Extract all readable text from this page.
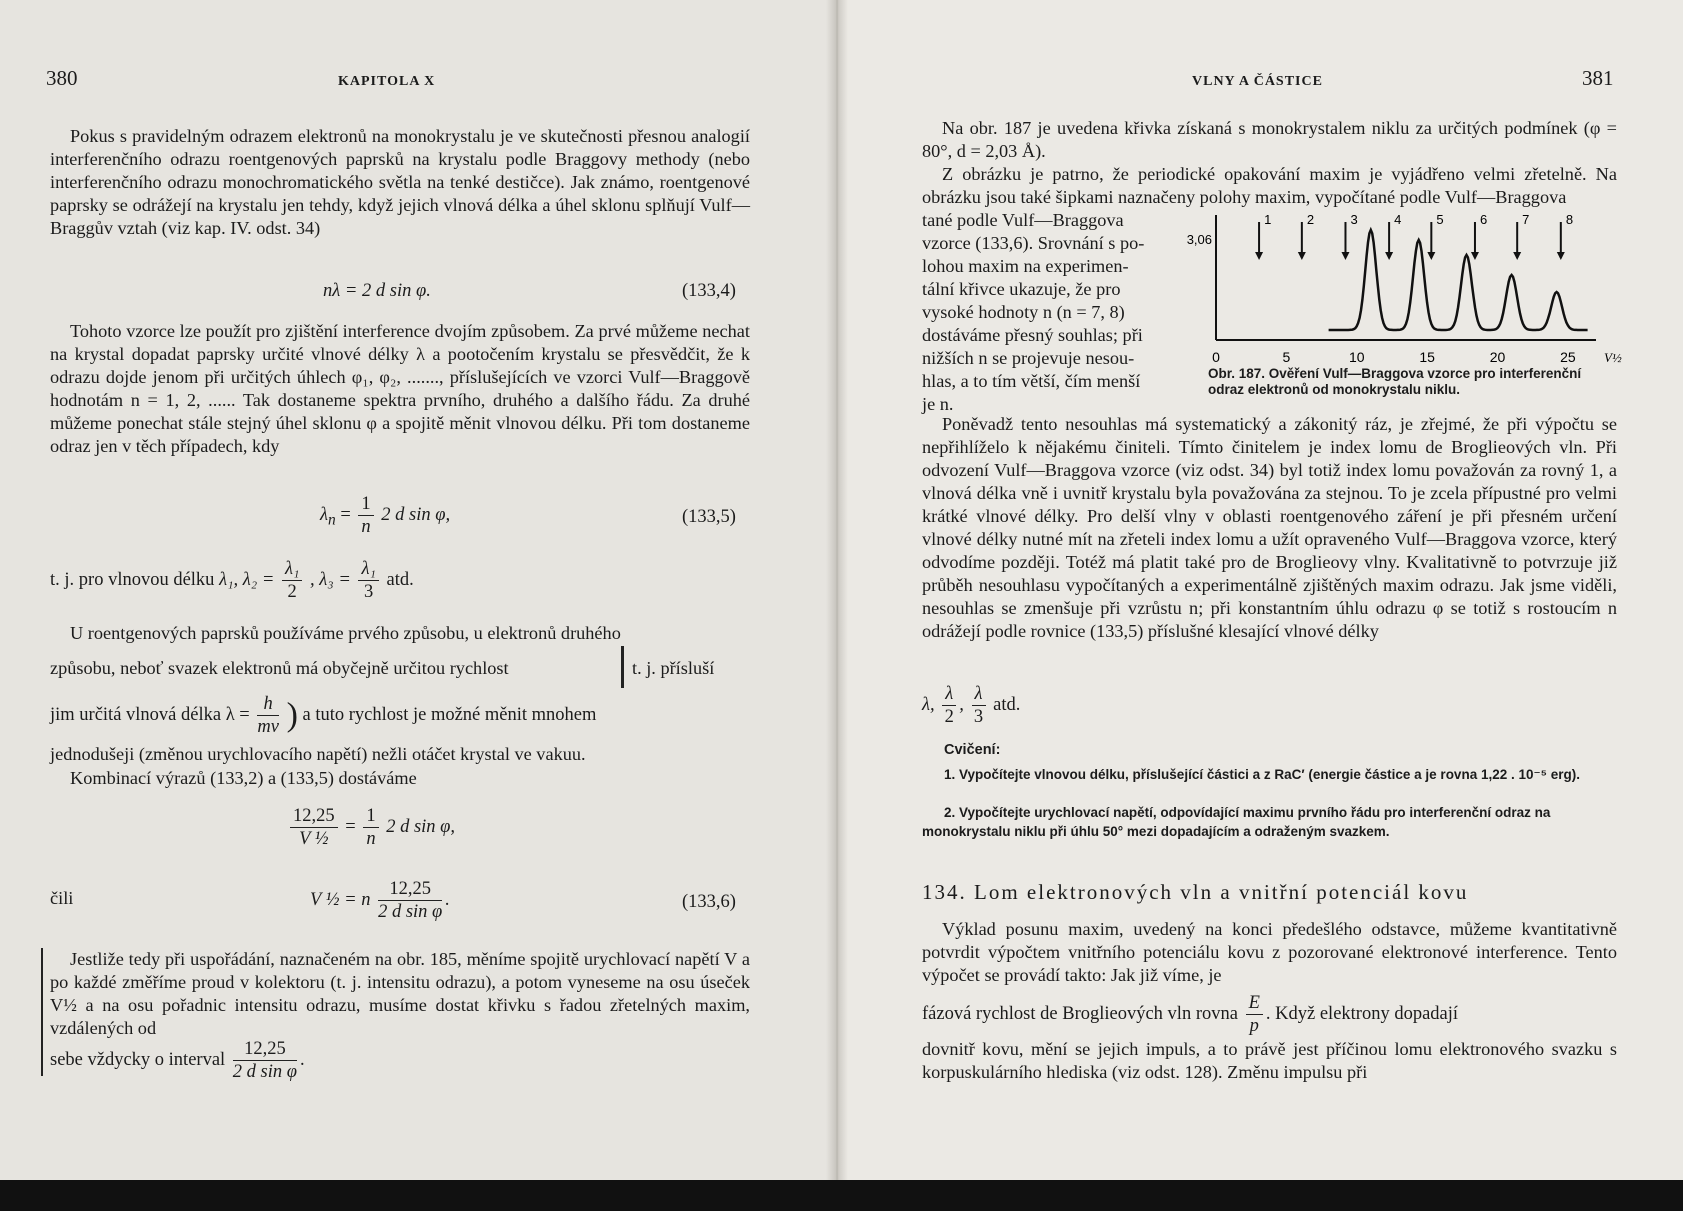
380	KAPITOLA X
Pokus s pravidelným odrazem elektronů na monokrystalu je ve skutečnosti přesnou analogií interferenčního odrazu roentgenových paprsků na krystalu podle Braggovy methody (nebo interferenčního odrazu monochromatického světla na tenké destičce). Jak známo, roentgenové paprsky se odrážejí na krystalu jen tehdy, když jejich vlnová délka a úhel sklonu splňují Vulf—Braggův vztah (viz kap. IV. odst. 34)
nλ = 2 d sin φ.	(133,4)
Tohoto vzorce lze použít pro zjištění interference dvojím způsobem. Za prvé můžeme nechat na krystal dopadat paprsky určité vlnové délky λ a pootočením krystalu se přesvědčit, že k odrazu dojde jenom při určitých úhlech φ₁, φ₂, ......., příslušejících ve vzorci Vulf—Braggově hodnotám n = 1, 2, ...... Tak dostaneme spektra prvního, druhého a dalšího řádu. Za druhé můžeme ponechat stále stejný úhel sklonu φ a spojitě měnit vlnovou délku. Při tom dostaneme odraz jen v těch případech, kdy
$\lambda_n = \frac{1}{n} 2$ d sin φ,	(133,5)
t. j. pro vlnovou délku λ₁, $\lambda_2 = \frac{\text{λ₁}}{2}$ , $\lambda_3 = \frac{\text{λ₁}}{3}$ atd.
U roentgenových paprsků používáme prvého způsobu, u elektronů druhého
způsobu, neboť svazek elektronů má obyčejně určitou rychlost	t. j. přísluší
jim určitá vlnová délka $\lambda = \frac{h}{mv}$ ) a tuto rychlost je možné měnit mnohem
jednodušeji (změnou urychlovacího napětí) nežli otáčet krystal ve vakuu.
Kombinací výrazů (133,2) a (133,5) dostáváme
$\frac{12,25}{\text{V ½}} = \frac{1}{n} 2$ d sin φ,
čili	V ½ = n $\frac{12,25}{\text{2 d sin φ}}$ .	(133,6)
Jestliže tedy při uspořádání, naznačeném na obr. 185, měníme spojitě urychlovací napětí V a po každé změříme proud v kolektoru (t. j. intensitu odrazu), a potom vyneseme na osu úseček V½ a na osu pořadnic intensitu odrazu, musíme dostat křivku s řadou zřetelných maxim, vzdálených od
sebe vždycky o interval $\frac{12,25}{\text{2 d sin φ}}$ .
VLNY A ČÁSTICE	381
Na obr. 187 je uvedena křivka získaná s monokrystalem niklu za určitých podmínek (φ = 80°, d = 2,03 Å).
Z obrázku je patrno, že periodické opakování maxim je vyjádřeno velmi zřetelně. Na obrázku jsou také šipkami naznačeny polohy maxim, vypočítané podle Vulf—Braggova
tané podle Vulf—Braggova
vzorce (133,6). Srovnání s po-
lohou maxim na experimen-
tální křivce ukazuje, že pro
vysoké hodnoty n (n = 7, 8)
dostáváme přesný souhlas; při
nižších n se projevuje nesou-
hlas, a to tím větší, čím menší
je n.
3,06
0	5	10	15	20	25 V½
1	2	3	4	5	6	7	8
Obr. 187. Ověření Vulf—Braggova vzorce pro interferenční odraz elektronů od monokrystalu niklu.
Poněvadž tento nesouhlas má systematický a zákonitý ráz, je zřejmé, že při výpočtu se nepřihlíželo k nějakému činiteli. Tímto činitelem je index lomu de Broglieových vln. Při odvození Vulf—Braggova vzorce (viz odst. 34) byl totiž index lomu považován za rovný 1, a vlnová délka vně i uvnitř krystalu byla považována za stejnou. To je zcela přípustné pro velmi krátké vlnové délky. Pro delší vlny v oblasti roentgenového záření je při přesném určení vlnové délky nutné mít na zřeteli index lomu a užít opraveného Vulf—Braggova vzorce, který odvodíme později. Totéž má platit také pro de Broglieovy vlny. Kvalitativně to potvrzuje již průběh nesouhlasu vypočítaných a experimentálně zjištěných maxim odrazu. Jak jsme viděli, nesouhlas se zmenšuje při vzrůstu n; při konstantním úhlu odrazu φ se totiž s rostoucím n odrážejí podle rovnice (133,5) příslušné klesající vlnové délky
λ, $\frac{\lambda}{2}$ , $\frac{\lambda}{3}$ atd.
Cvičení:
1. Vypočítejte vlnovou délku, příslušející částici a z RaC′ (energie částice a je rovna 1,22 . 10⁻⁵ erg).
2. Vypočítejte urychlovací napětí, odpovídající maximu prvního řádu pro interferenční odraz na monokrystalu niklu při úhlu 50° mezi dopadajícím a odraženým svazkem.
134. Lom elektronových vln a vnitřní potenciál kovu
Výklad posunu maxim, uvedený na konci předešlého odstavce, můžeme kvantitativně potvrdit výpočtem vnitřního potenciálu kovu z pozorované elektronové interference. Tento výpočet se provádí takto: Jak již víme, je
fázová rychlost de Broglieových vln rovna $\frac{E}{p}$ . Když elektrony dopadají
dovnitř kovu, mění se jejich impuls, a to právě jest příčinou lomu elektronového svazku s korpuskulárního hlediska (viz odst. 128). Změnu impulsu při
